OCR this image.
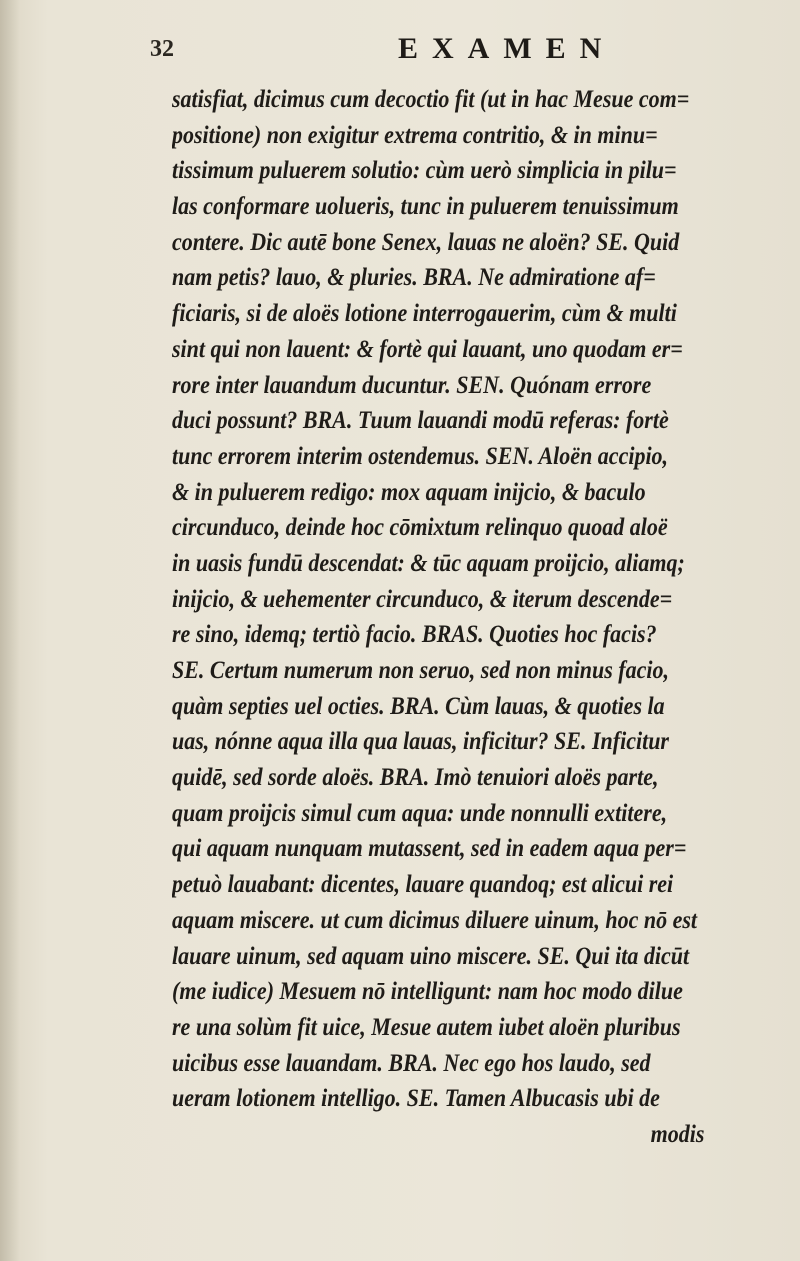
32	EXAMEN
satisfiat, dicimus cum decoctio fit (ut in hac Mesue com=
positione) non exigitur extrema contritio, & in minu=
tissimum puluerem solutio: cùm uerò simplicia in pilu=
las conformare uolueris, tunc in puluerem tenuissimum
contere. Dic autē bone Senex, lauas ne aloën? SE. Quid
nam petis? lauo, & pluries. BRA. Ne admiratione af=
ficiaris, si de aloës lotione interrogauerim, cùm & multi
sint qui non lauent: & fortè qui lauant, uno quodam er=
rore inter lauandum ducuntur. SEN. Quónam errore
duci possunt? BRA. Tuum lauandi modū referas: fortè
tunc errorem interim ostendemus. SEN. Aloën accipio,
& in puluerem redigo: mox aquam inijcio, & baculo
circunduco, deinde hoc cōmixtum relinquo quoad aloë
in uasis fundū descendat: & tūc aquam proijcio, aliamq;
inijcio, & uehementer circunduco, & iterum descende=
re sino, idemq; tertiò facio. BRAS. Quoties hoc facis?
SE. Certum numerum non seruo, sed non minus facio,
quàm septies uel octies. BRA. Cùm lauas, & quoties la
uas, nónne aqua illa qua lauas, inficitur? SE. Inficitur
quidē, sed sorde aloës. BRA. Imò tenuiori aloës parte,
quam proijcis simul cum aqua: unde nonnulli extitere,
qui aquam nunquam mutassent, sed in eadem aqua per=
petuò lauabant: dicentes, lauare quandoq; est alicui rei
aquam miscere. ut cum dicimus diluere uinum, hoc nō est
lauare uinum, sed aquam uino miscere. SE. Qui ita dicūt
(me iudice) Mesuem nō intelligunt: nam hoc modo dilue
re una solùm fit uice, Mesue autem iubet aloën pluribus
uicibus esse lauandam. BRA. Nec ego hos laudo, sed
ueram lotionem intelligo. SE. Tamen Albucasis ubi de
modis
